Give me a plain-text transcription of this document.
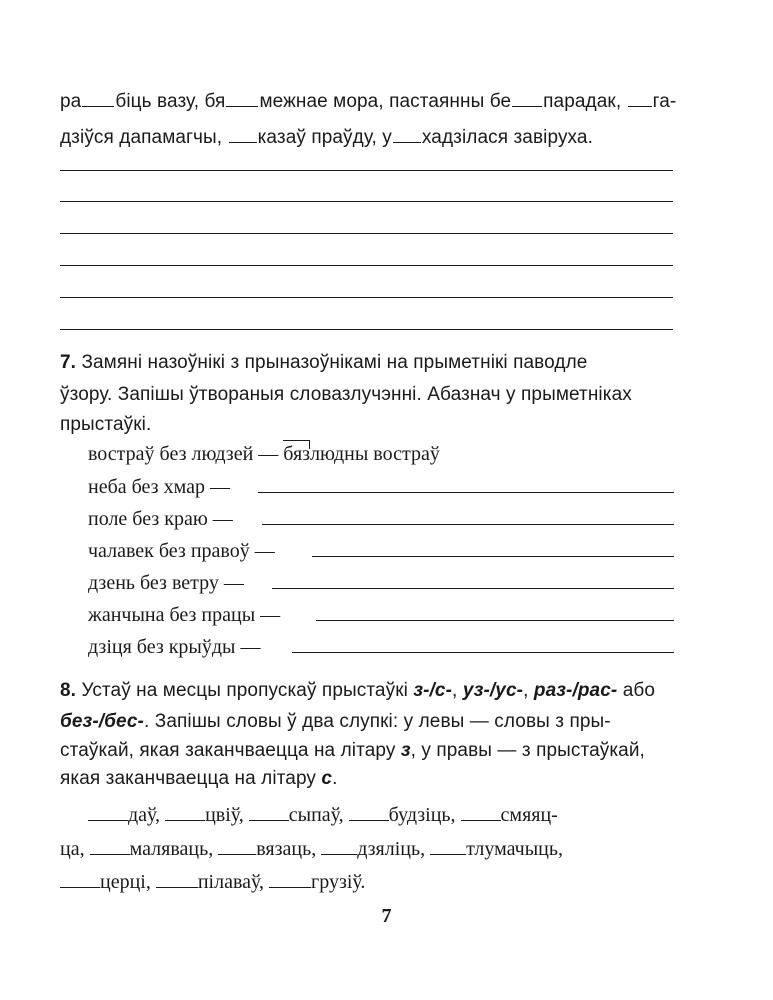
ра біць вазу, бя межнае мора, пастаянны бе парадак, га-
дзіўся дапамагчы, казаў праўду, у хадзілася завіруха.
7. Замяні назоўнікі з прыназоўнікамі на прыметнікі паводле
ўзору. Запішы ўтвораныя словазлучэнні. Абазнач у прыметніках
прыстаўкі.
востраў без людзей — бязлюдны востраў
неба без хмар —
поле без краю —
чалавек без правоў —
дзень без ветру —
жанчына без працы —
дзіця без крыўды —
8. Устаў на месцы пропускаў прыстаўкі з-/с-, уз-/ус-, раз-/рас- або
без-/бес-. Запішы словы ў два слупкі: у левы — словы з пры-
стаўкай, якая заканчваецца на літару з, у правы — з прыстаўкай,
якая заканчваецца на літару с.
даў, цвіў, сыпаў, будзіць, смяяц-
ца, маляваць, вязаць, дзяліць, тлумачыць,
церці, пілаваў, грузіў.
7
